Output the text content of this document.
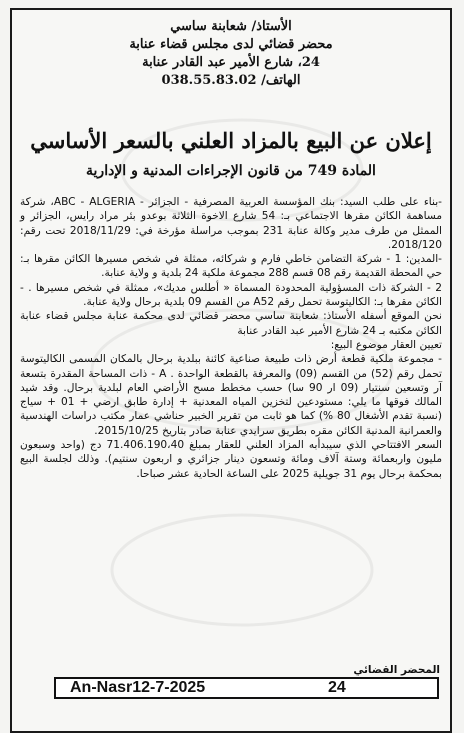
الأستاذ/ شعابنة ساسي
محضر قضائي لدى مجلس قضاء عنابة
24، شارع الأمير عبد القادر عنابة
الهاتف/ 038.55.83.02
إعلان عن البيع بالمزاد العلني بالسعر الأساسي
المادة 749 من قانون الإجراءات المدنية و الإدارية

-بناء على طلب السيد: بنك المؤسسة العربية المصرفية - الجزائر - ABC - ALGERIA، شركة مساهمة الكائن مقرها الاجتماعي بـ: 54 شارع الاخوة الثلاثة بوعدو بئر مراد رايس، الجزائر و الممثل من طرف مدير وكالة عنابة 231 بموجب مراسلة مؤرخة في: 2018/11/29 تحت رقم: 2018/120.

-المدين: 1 - شركة التضامن خاطي فارم و شركائه، ممثلة في شخص مسيرها الكائن مقرها بـ: حي المحطة القديمة رقم 08 قسم 288 مجموعة ملكية 24 بلدية و ولاية عنابة.

2 - الشركة ذات المسؤولية المحدودة المسماة « أطلس مديك»، ممثلة في شخص مسيرها . - الكائن مقرها بـ: الكاليتوسة تحمل رقم A52 من القسم 09 بلدية برحال ولاية عنابة.

نحن الموقع أسفله الأستاذ: شعابنة ساسي محضر قضائي لدى محكمة عنابة مجلس قضاء عنابة الكائن مكتبه بـ 24 شارع الأمير عبد القادر عنابة

تعيين العقار موضوع البيع:

- مجموعة ملكية قطعة أرض ذات طبيعة صناعية كائنة ببلدية برحال بالمكان المسمى الكاليتوسة تحمل رقم (52) من القسم (09) والمعرفة بالقطعة الواحدة . A - ذات المساحة المقدرة بتسعة آر وتسعين سنتيار (09 ار 90 سا) حسب مخطط مسح الأراضي العام لبلدية برحال. وقد شيد المالك فوقها ما يلي: مستودعين لتخزين المياه المعدنية + إدارة طابق ارضي + 01 + سياج (نسبة تقدم الأشغال 80 %) كما هو ثابت من تقرير الخبير حناشي عمار مكتب دراسات الهندسية والعمرانية المدنية الكائن مقره بطريق سرايدي عنابة صادر بتاريخ 2015/10/25.

السعر الافتتاحي الذي سيبدأبه المزاد العلني للعقار بمبلغ 71.406.190،40 دج (واحد وسبعون مليون واربعمائة وستة آلاف ومائة وتسعون دينار جزائري و اربعون سنتيم). وذلك لجلسة البيع بمحكمة برحال يوم 31 جويلية 2025 على الساعة الحادية عشر صباحا.

المحضر القضائي
An-Nasr12-7-2025	24
